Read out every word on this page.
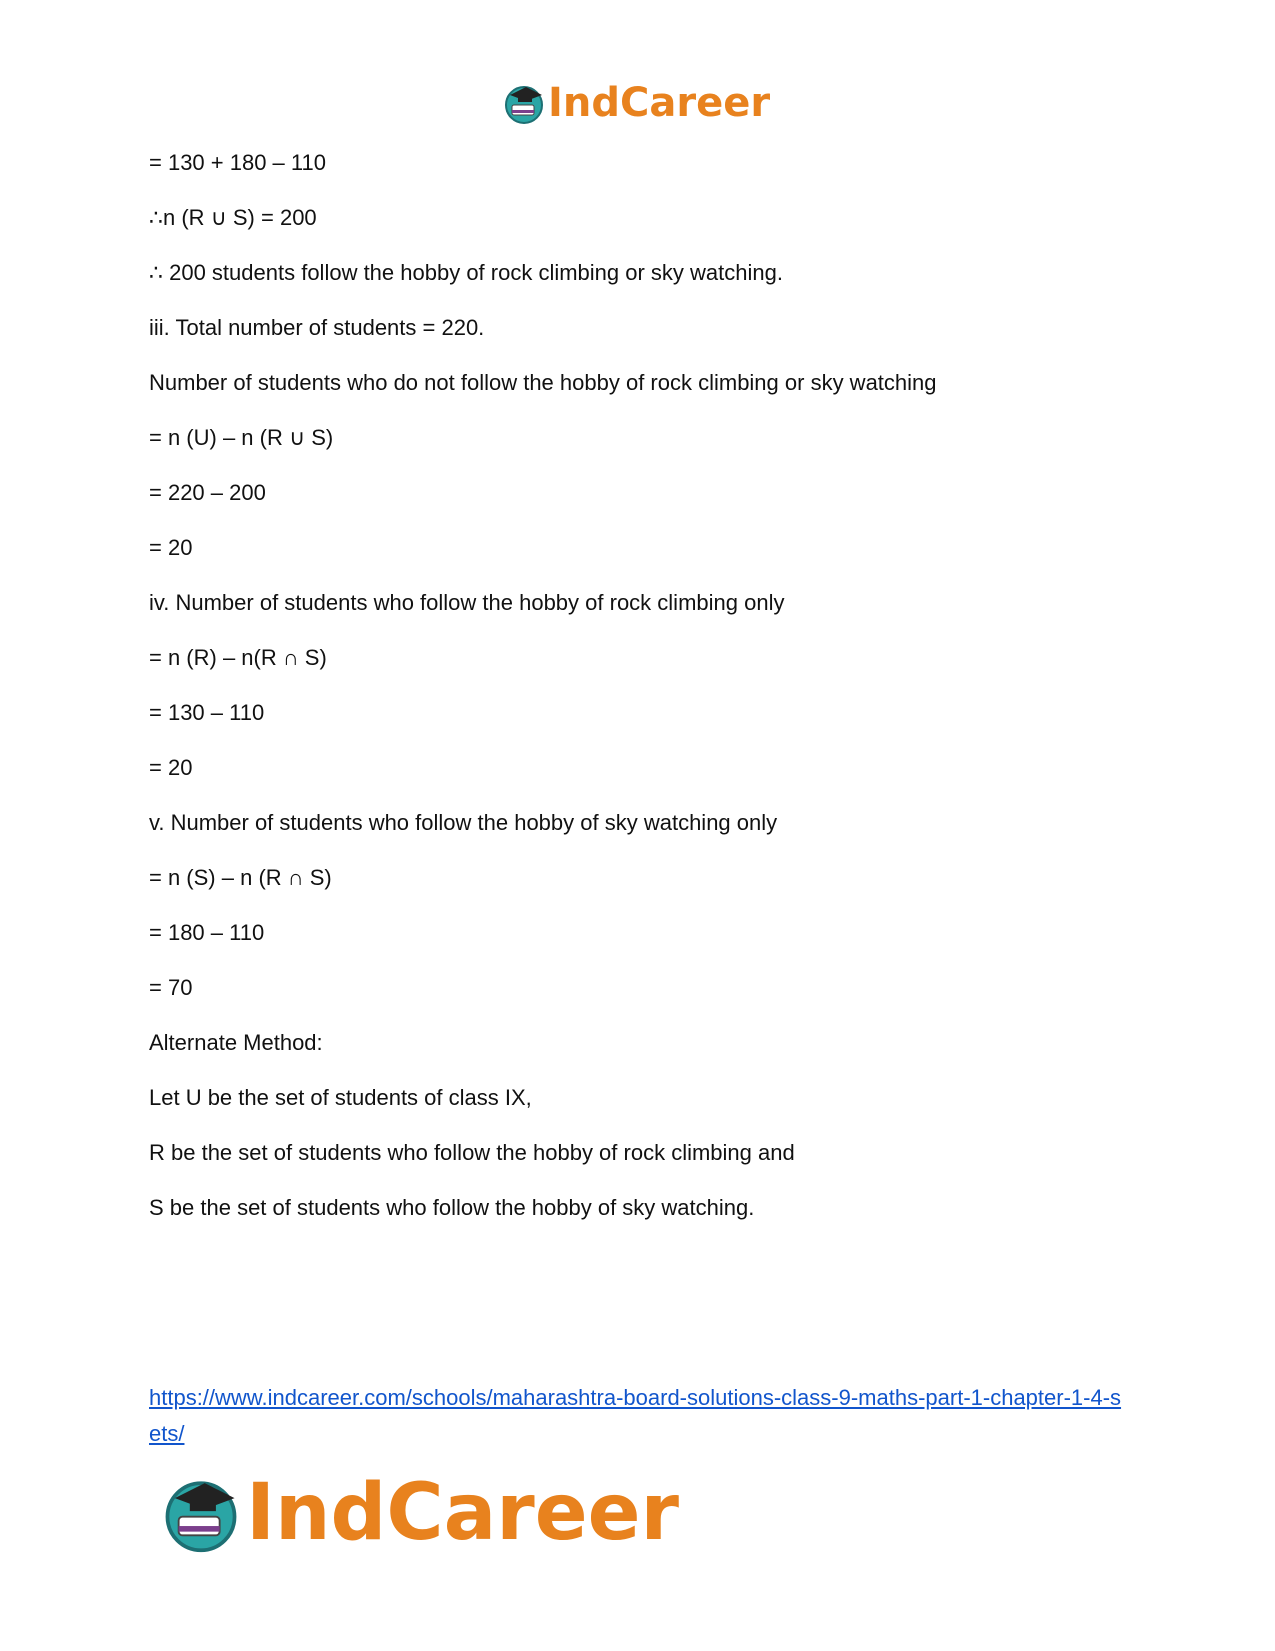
IndCareer
= 130 + 180 – 110
∴n (R ∪ S) = 200
∴ 200 students follow the hobby of rock climbing or sky watching.
iii. Total number of students = 220.
Number of students who do not follow the hobby of rock climbing or sky watching
= n (U) – n (R ∪ S)
= 220 – 200
= 20
iv. Number of students who follow the hobby of rock climbing only
= n (R) – n(R ∩ S)
= 130 – 110
= 20
v. Number of students who follow the hobby of sky watching only
= n (S) – n (R ∩ S)
= 180 – 110
= 70
Alternate Method:
Let U be the set of students of class IX,
R be the set of students who follow the hobby of rock climbing and
S be the set of students who follow the hobby of sky watching.
https://www.indcareer.com/schools/maharashtra-board-solutions-class-9-maths-part-1-chapter-1-4-sets/
IndCareer
